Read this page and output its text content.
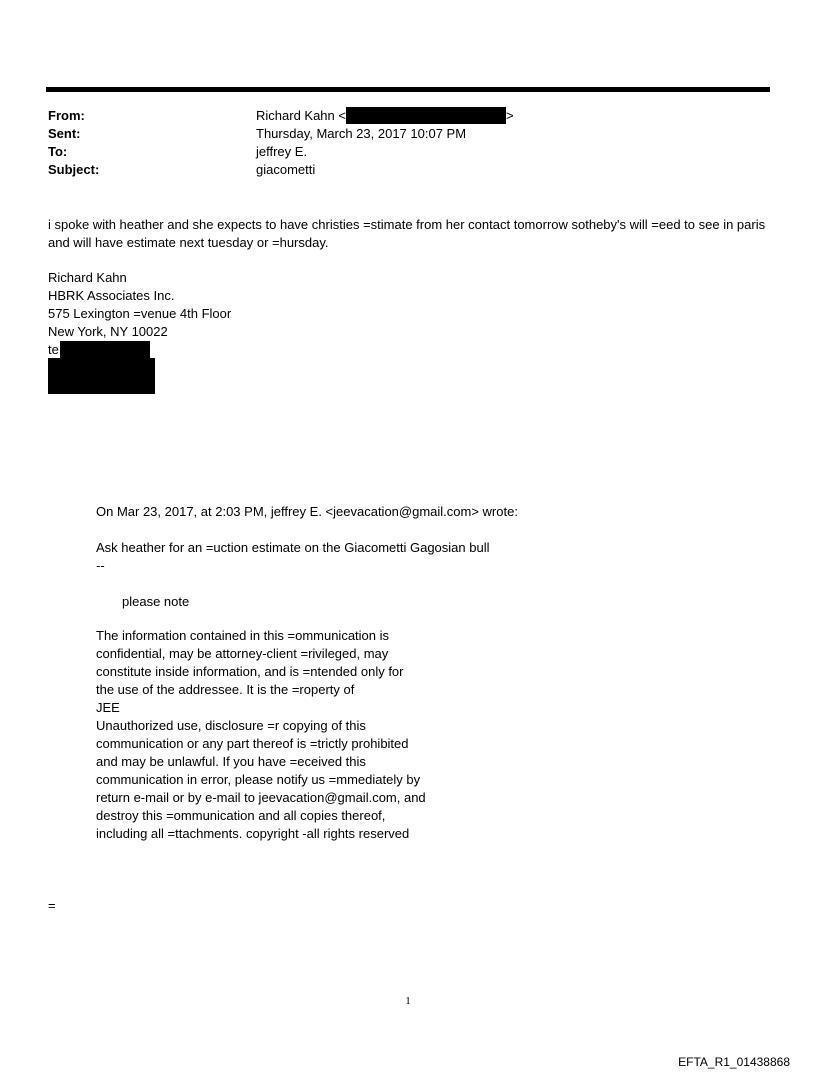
From:	Richard Kahn <	>
Sent:	Thursday, March 23, 2017 10:07 PM
To:	jeffrey E.
Subject:	giacometti
i spoke with heather and she expects to have christies =stimate from her contact tomorrow sotheby's will =eed to see in paris and will have estimate next tuesday or =hursday.
Richard Kahn
HBRK Associates Inc.
575 Lexington =venue 4th Floor
New York, NY 10022
te
On Mar 23, 2017, at 2:03 PM, jeffrey E. <jeevacation@gmail.com> wrote:
Ask heather for an =uction estimate on the Giacometti Gagosian bull
--
please note
The information contained in this =ommunication is
confidential, may be attorney-client =rivileged, may
constitute inside information, and is =ntended only for
the use of the addressee. It is the =roperty of
JEE
Unauthorized use, disclosure =r copying of this
communication or any part thereof is =trictly prohibited
and may be unlawful. If you have =eceived this
communication in error, please notify us =mmediately by
return e-mail or by e-mail to jeevacation@gmail.com, and
destroy this =ommunication and all copies thereof,
including all =ttachments. copyright -all rights reserved
=
1
EFTA_R1_01438868
